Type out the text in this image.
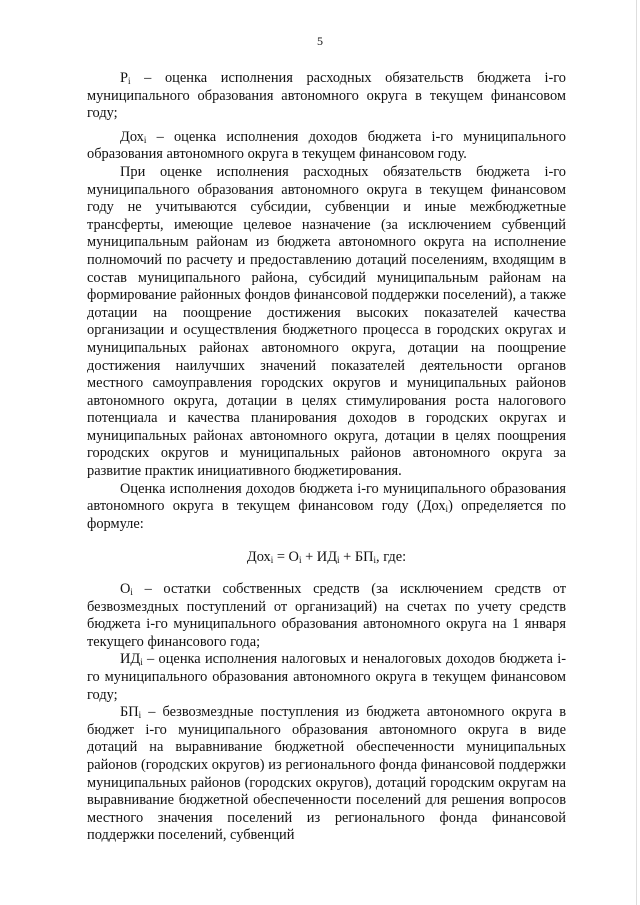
5

$P_i$ – оценка исполнения расходных обязательств бюджета i-го муниципального образования автономного округа в текущем финансовом году;

Дох$_i$ – оценка исполнения доходов бюджета i-го муниципального образования автономного округа в текущем финансовом году.

При оценке исполнения расходных обязательств бюджета i-го муниципального образования автономного округа в текущем финансовом году не учитываются субсидии, субвенции и иные межбюджетные трансферты, имеющие целевое назначение (за исключением субвенций муниципальным районам из бюджета автономного округа на исполнение полномочий по расчету и предоставлению дотаций поселениям, входящим в состав муниципального района, субсидий муниципальным районам на формирование районных фондов финансовой поддержки поселений), а также дотации на поощрение достижения высоких показателей качества организации и осуществления бюджетного процесса в городских округах и муниципальных районах автономного округа, дотации на поощрение достижения наилучших значений показателей деятельности органов местного самоуправления городских округов и муниципальных районов автономного округа, дотации в целях стимулирования роста налогового потенциала и качества планирования доходов в городских округах и муниципальных районах автономного округа, дотации в целях поощрения городских округов и муниципальных районов автономного округа за развитие практик инициативного бюджетирования.

Оценка исполнения доходов бюджета i-го муниципального образования автономного округа в текущем финансовом году (Дох$_i$) определяется по формуле:

$Дох_i = O_i + ИД_i + БП_i$, где:

$O_i$ – остатки собственных средств (за исключением средств от безвозмездных поступлений от организаций) на счетах по учету средств бюджета i-го муниципального образования автономного округа на 1 января текущего финансового года;

$ИД_i$ – оценка исполнения налоговых и неналоговых доходов бюджета i-го муниципального образования автономного округа в текущем финансовом году;

$БП_i$ – безвозмездные поступления из бюджета автономного округа в бюджет i-го муниципального образования автономного округа в виде дотаций на выравнивание бюджетной обеспеченности муниципальных районов (городских округов) из регионального фонда финансовой поддержки муниципальных районов (городских округов), дотаций городским округам на выравнивание бюджетной обеспеченности поселений для решения вопросов местного значения поселений из регионального фонда финансовой поддержки поселений, субвенций
